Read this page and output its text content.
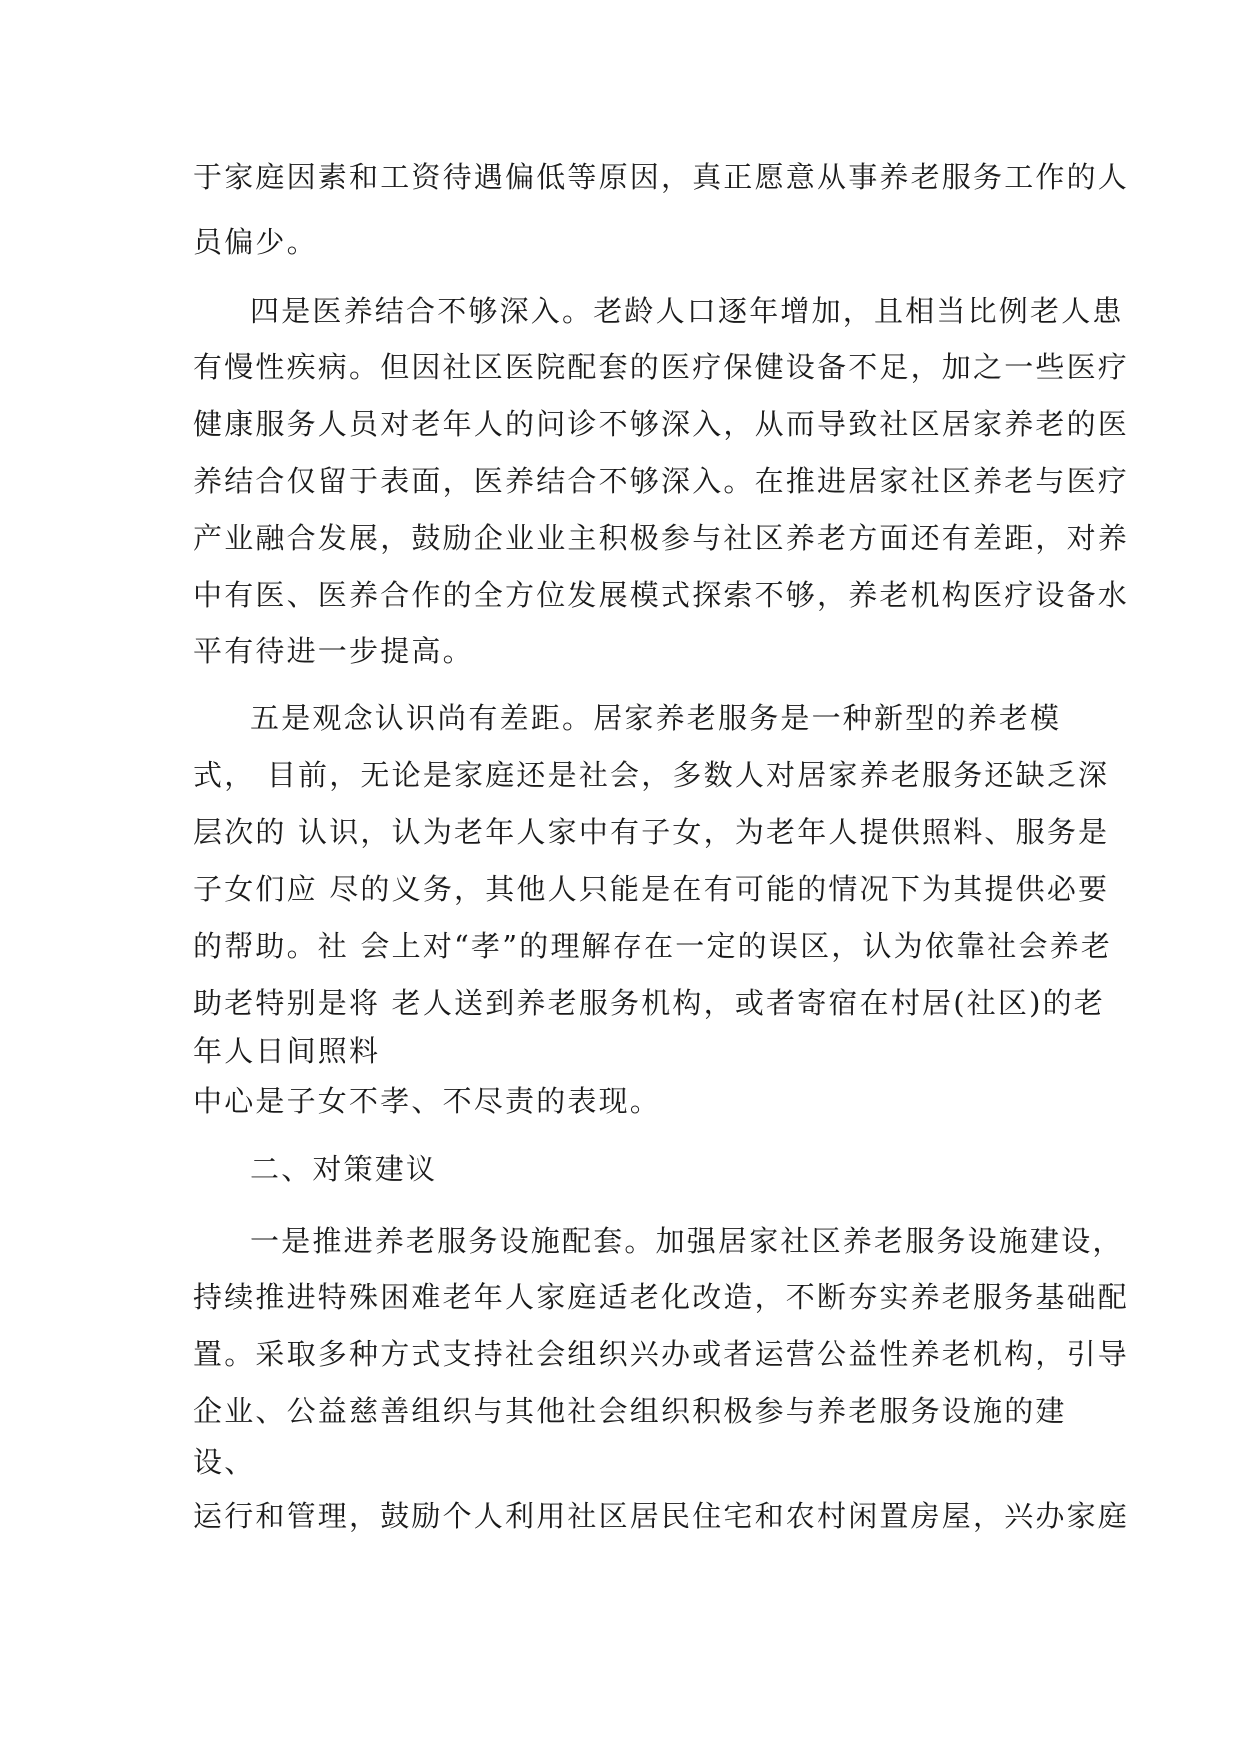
于家庭因素和工资待遇偏低等原因，真正愿意从事养老服务工作的人
员偏少。
四是医养结合不够深入。老龄人口逐年增加，且相当比例老人患
有慢性疾病。但因社区医院配套的医疗保健设备不足，加之一些医疗
健康服务人员对老年人的问诊不够深入，从而导致社区居家养老的医
养结合仅留于表面，医养结合不够深入。在推进居家社区养老与医疗
产业融合发展，鼓励企业业主积极参与社区养老方面还有差距，对养
中有医、医养合作的全方位发展模式探索不够，养老机构医疗设备水
平有待进一步提高。
五是观念认识尚有差距。居家养老服务是一种新型的养老模
式， 目前，无论是家庭还是社会，多数人对居家养老服务还缺乏深
层次的 认识，认为老年人家中有子女，为老年人提供照料、服务是
子女们应 尽的义务，其他人只能是在有可能的情况下为其提供必要
的帮助。社 会上对“孝”的理解存在一定的误区，认为依靠社会养老
助老特别是将 老人送到养老服务机构，或者寄宿在村居(社区)的老
年人日间照料
中心是子女不孝、不尽责的表现。
二、对策建议
一是推进养老服务设施配套。加强居家社区养老服务设施建设，
持续推进特殊困难老年人家庭适老化改造，不断夯实养老服务基础配
置。采取多种方式支持社会组织兴办或者运营公益性养老机构，引导
企业、公益慈善组织与其他社会组织积极参与养老服务设施的建
设、
运行和管理，鼓励个人利用社区居民住宅和农村闲置房屋，兴办家庭
